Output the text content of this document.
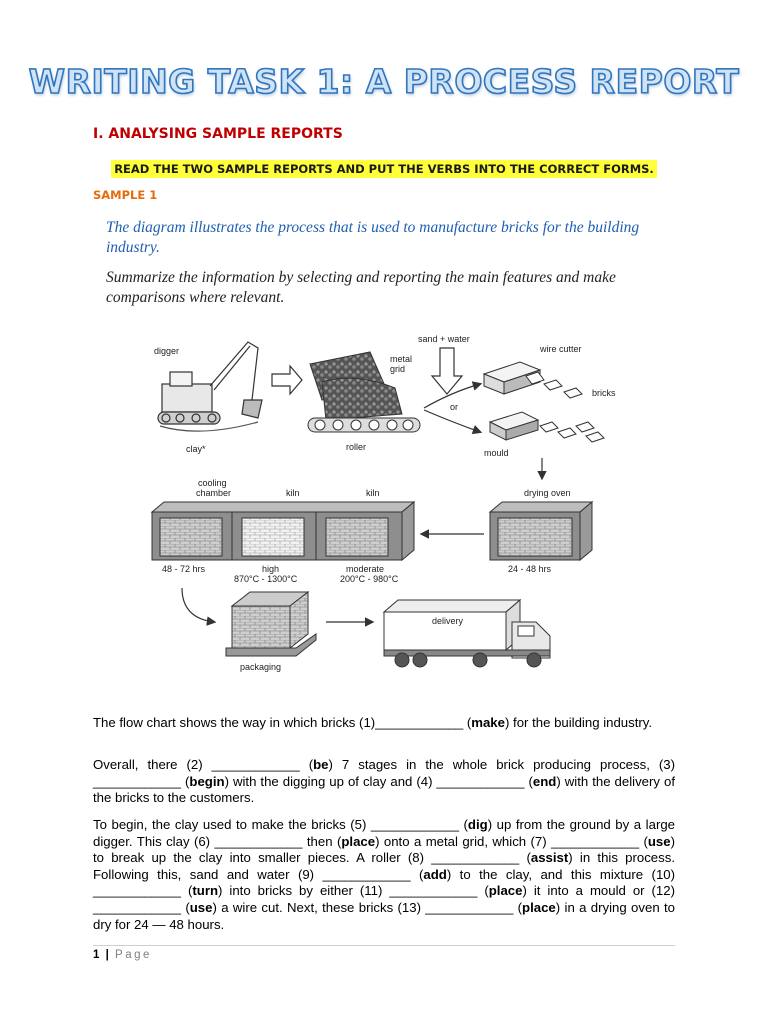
WRITING TASK 1: A PROCESS REPORT
I. ANALYSING SAMPLE REPORTS
READ THE TWO SAMPLE REPORTS AND PUT THE VERBS INTO THE CORRECT FORMS.
SAMPLE 1
The diagram illustrates the process that is used to manufacture bricks for the building industry.
Summarize the information by selecting and reporting the main features and make comparisons where relevant.
digger
clay*
metal
grid
roller
sand + water
or
wire cutter
bricks
mould
drying oven
cooling
chamber	kiln	kiln
48 - 72 hrs	high
870°C - 1300°C
moderate
200°C - 980°C
24 - 48 hrs
packaging
delivery
The flow chart shows the way in which bricks (1)____________ (make) for the building industry.
Overall, there (2) ____________ (be) 7 stages in the whole brick producing process, (3) ____________ (begin) with the digging up of clay and (4) ____________ (end) with the delivery of the bricks to the customers.
To begin, the clay used to make the bricks (5) ____________ (dig) up from the ground by a large digger. This clay (6) ____________ then (place) onto a metal grid, which (7) ____________ (use) to break up the clay into smaller pieces. A roller (8) ____________ (assist) in this process. Following this, sand and water (9) ____________ (add) to the clay, and this mixture (10) ____________ (turn) into bricks by either (11) ____________ (place) it into a mould or (12) ____________ (use) a wire cut. Next, these bricks (13) ____________ (place) in a drying oven to dry for 24 — 48 hours.
1 | Page
